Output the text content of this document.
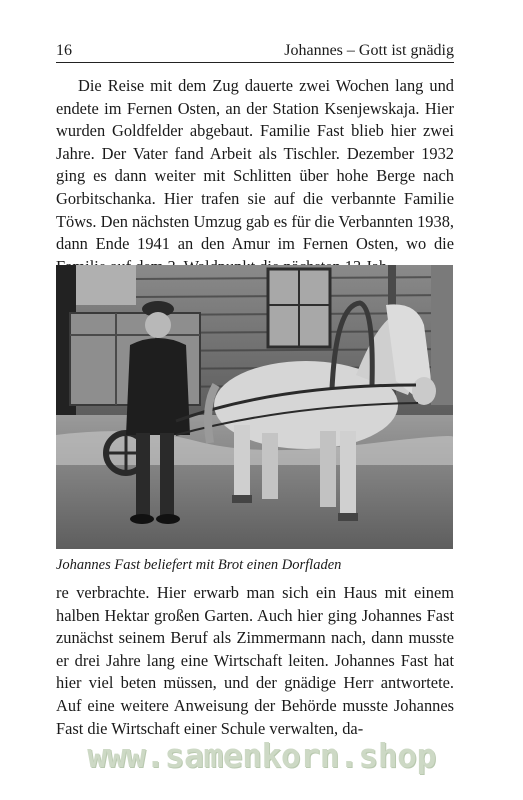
16	Johannes – Gott ist gnädig

Die Reise mit dem Zug dauerte zwei Wochen lang und endete im Fernen Osten, an der Station Ksenjewskaja. Hier wurden Goldfelder abgebaut. Familie Fast blieb hier zwei Jahre. Der Vater fand Arbeit als Tischler. Dezember 1932 ging es dann weiter mit Schlitten über hohe Berge nach Gorbitschanka. Hier trafen sie auf die verbannte Familie Töws. Den nächsten Umzug gab es für die Verbannten 1938, dann Ende 1941 an den Amur im Fernen Osten, wo die

Johannes Fast beliefert mit Brot einen Dorfladen

re verbrachte. Hier erwarb man sich ein Haus mit einem halben Hektar großen Garten. Auch hier ging Johannes Fast zunächst seinem Beruf als Zimmermann nach, dann musste er drei Jahre lang eine Wirtschaft leiten. Johannes Fast hat hier viel beten müssen, und der gnädige Herr antwortete. Auf eine weitere Anweisung der Behörde musste Johannes Fast die Wirtschaft einer Schule verwalten, da-

www.samenkorn.shop
